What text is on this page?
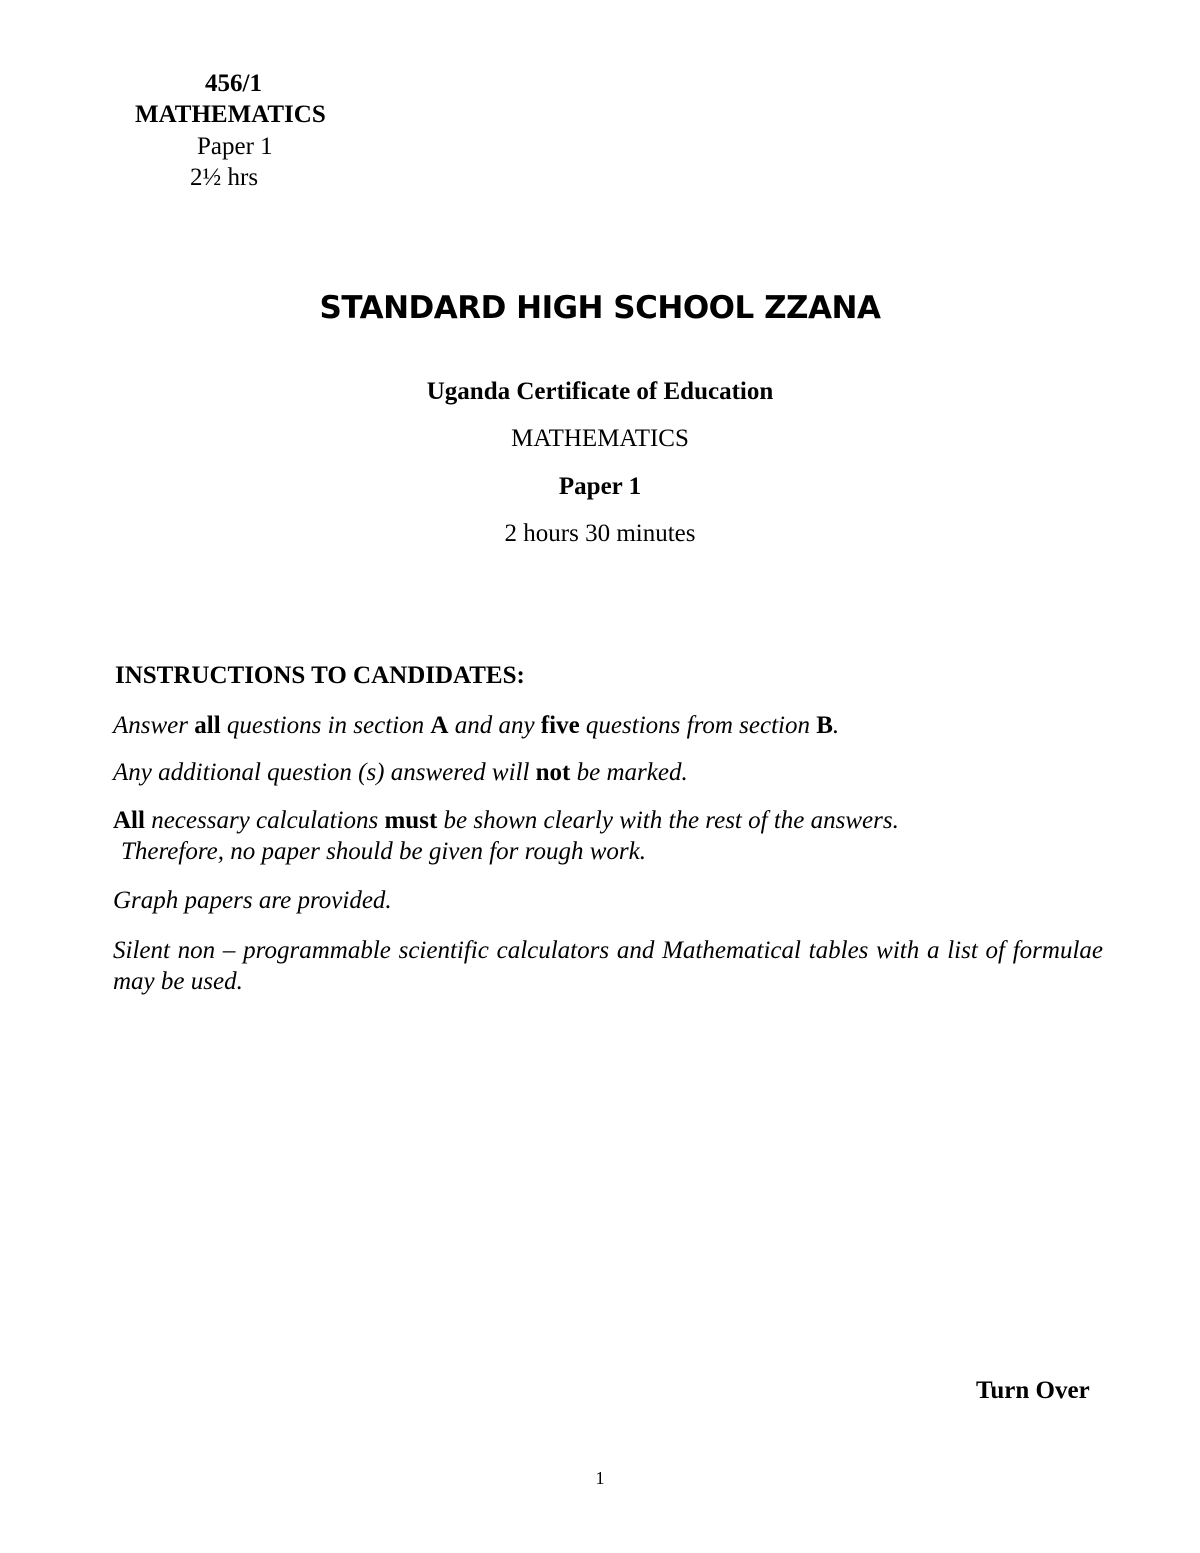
456/1
MATHEMATICS
Paper 1
2½ hrs
STANDARD HIGH SCHOOL ZZANA
Uganda Certificate of Education
MATHEMATICS
Paper 1
2 hours 30 minutes
INSTRUCTIONS TO CANDIDATES:
Answer all questions in section A and any five questions from section B.
Any additional question (s) answered will not be marked.
All necessary calculations must be shown clearly with the rest of the answers.
Therefore, no paper should be given for rough work.
Graph papers are provided.
Silent non – programmable scientific calculators and Mathematical tables with a list of formulae may be used.
Turn Over
1
